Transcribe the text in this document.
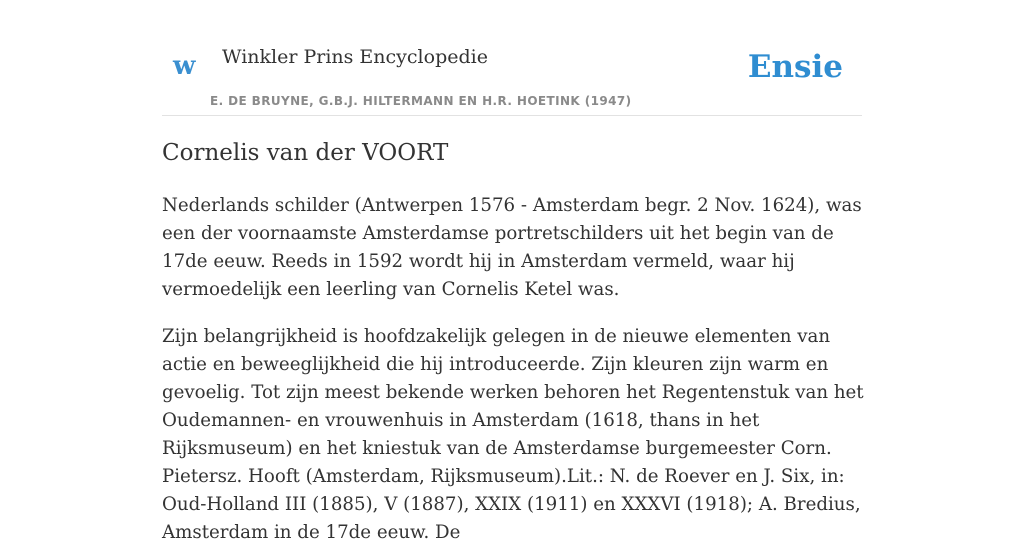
w Winkler Prins Encyclopedie	Ensie
E. DE BRUYNE, G.B.J. HILTERMANN EN H.R. HOETINK (1947)
Cornelis van der VOORT

Nederlands schilder (Antwerpen 1576 - Amsterdam begr. 2 Nov. 1624), was een der voornaamste Amsterdamse portretschilders uit het begin van de 17de eeuw. Reeds in 1592 wordt hij in Amsterdam vermeld, waar hij vermoedelijk een leerling van Cornelis Ketel was.

Zijn belangrijkheid is hoofdzakelijk gelegen in de nieuwe elementen van actie en beweeglijkheid die hij introduceerde. Zijn kleuren zijn warm en gevoelig. Tot zijn meest bekende werken behoren het Regentenstuk van het Oudemannen- en vrouwenhuis in Amsterdam (1618, thans in het Rijksmuseum) en het kniestuk van de Amsterdamse burgemeester Corn. Pietersz. Hooft (Amsterdam, Rijksmuseum).Lit.: N. de Roever en J. Six, in: Oud-Holland III (1885), V (1887), XXIX (1911) en XXXVI (1918); A. Bredius, Amsterdam in de 17de eeuw. De
